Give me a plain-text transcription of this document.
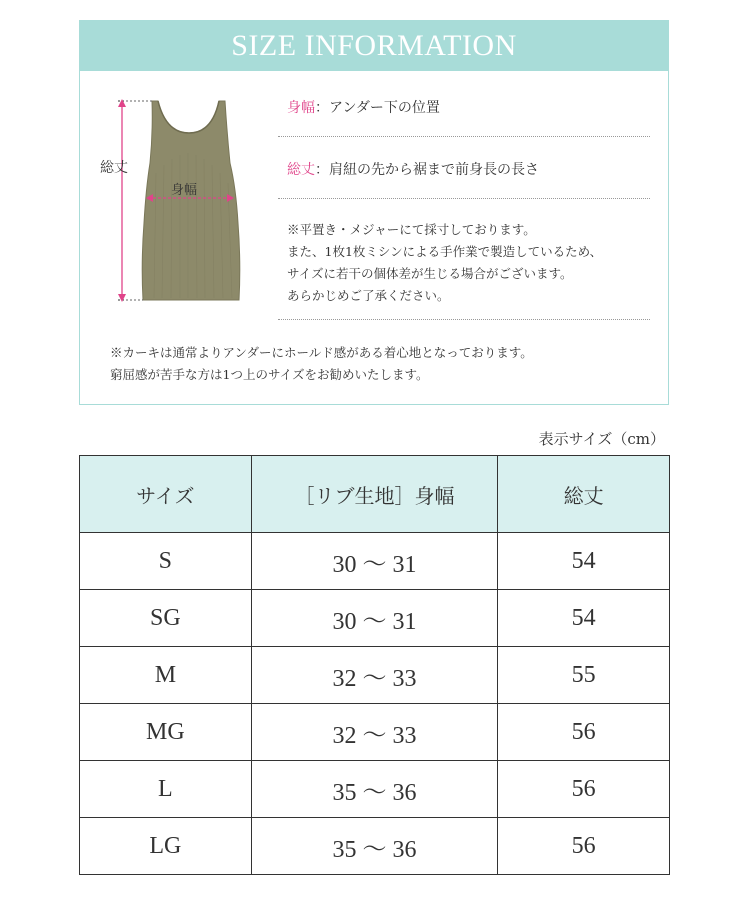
SIZE INFORMATION
総丈
身幅
身幅：アンダー下の位置
総丈：肩紐の先から裾まで前身長の長さ
※平置き・メジャーにて採寸しております。
また、1枚1枚ミシンによる手作業で製造しているため、
サイズに若干の個体差が生じる場合がございます。
あらかじめご了承ください。
※カーキは通常よりアンダーにホールド感がある着心地となっております。
窮屈感が苦手な方は1つ上のサイズをお勧めいたします。
表示サイズ（cm）
サイズ	［リブ生地］身幅	総丈
S	30 ～ 31	54
SG	30 ～ 31	54
M	32 ～ 33	55
MG	32 ～ 33	56
L	35 ～ 36	56
LG	35 ～ 36	56
